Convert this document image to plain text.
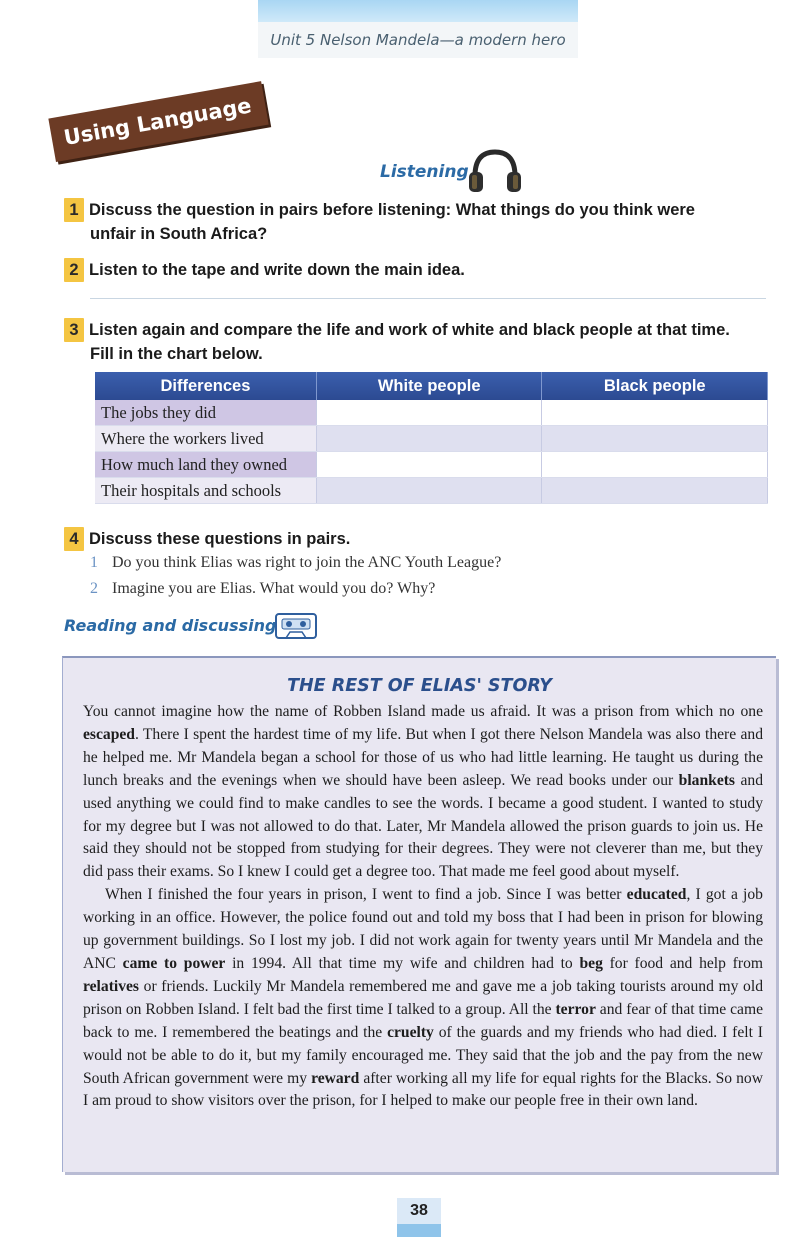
Unit 5 Nelson Mandela—a modern hero
Using Language
Listening
1 Discuss the question in pairs before listening: What things do you think were
unfair in South Africa?
2 Listen to the tape and write down the main idea.
3 Listen again and compare the life and work of white and black people at that time.
Fill in the chart below.
Differences	White people	Black people
The jobs they did		
Where the workers lived		
How much land they owned		
Their hospitals and schools		
4 Discuss these questions in pairs.
1 Do you think Elias was right to join the ANC Youth League?
2 Imagine you are Elias. What would you do? Why?
Reading and discussing
THE REST OF ELIAS' STORY

You cannot imagine how the name of Robben Island made us afraid. It was a prison from which no one escaped. There I spent the hardest time of my life. But when I got there Nelson Mandela was also there and he helped me. Mr Mandela began a school for those of us who had little learning. He taught us during the lunch breaks and the evenings when we should have been asleep. We read books under our blankets and used anything we could find to make candles to see the words. I became a good student. I wanted to study for my degree but I was not allowed to do that. Later, Mr Mandela allowed the prison guards to join us. He said they should not be stopped from studying for their degrees. They were not cleverer than me, but they did pass their exams. So I knew I could get a degree too. That made me feel good about myself.

When I finished the four years in prison, I went to find a job. Since I was better educated, I got a job working in an office. However, the police found out and told my boss that I had been in prison for blowing up government buildings. So I lost my job. I did not work again for twenty years until Mr Mandela and the ANC came to power in 1994. All that time my wife and children had to beg for food and help from relatives or friends. Luckily Mr Mandela remembered me and gave me a job taking tourists around my old prison on Robben Island. I felt bad the first time I talked to a group. All the terror and fear of that time came back to me. I remembered the beatings and the cruelty of the guards and my friends who had died. I felt I would not be able to do it, but my family encouraged me. They said that the job and the pay from the new South African government were my reward after working all my life for equal rights for the Blacks. So now I am proud to show visitors over the prison, for I helped to make our people free in their own land.

38
